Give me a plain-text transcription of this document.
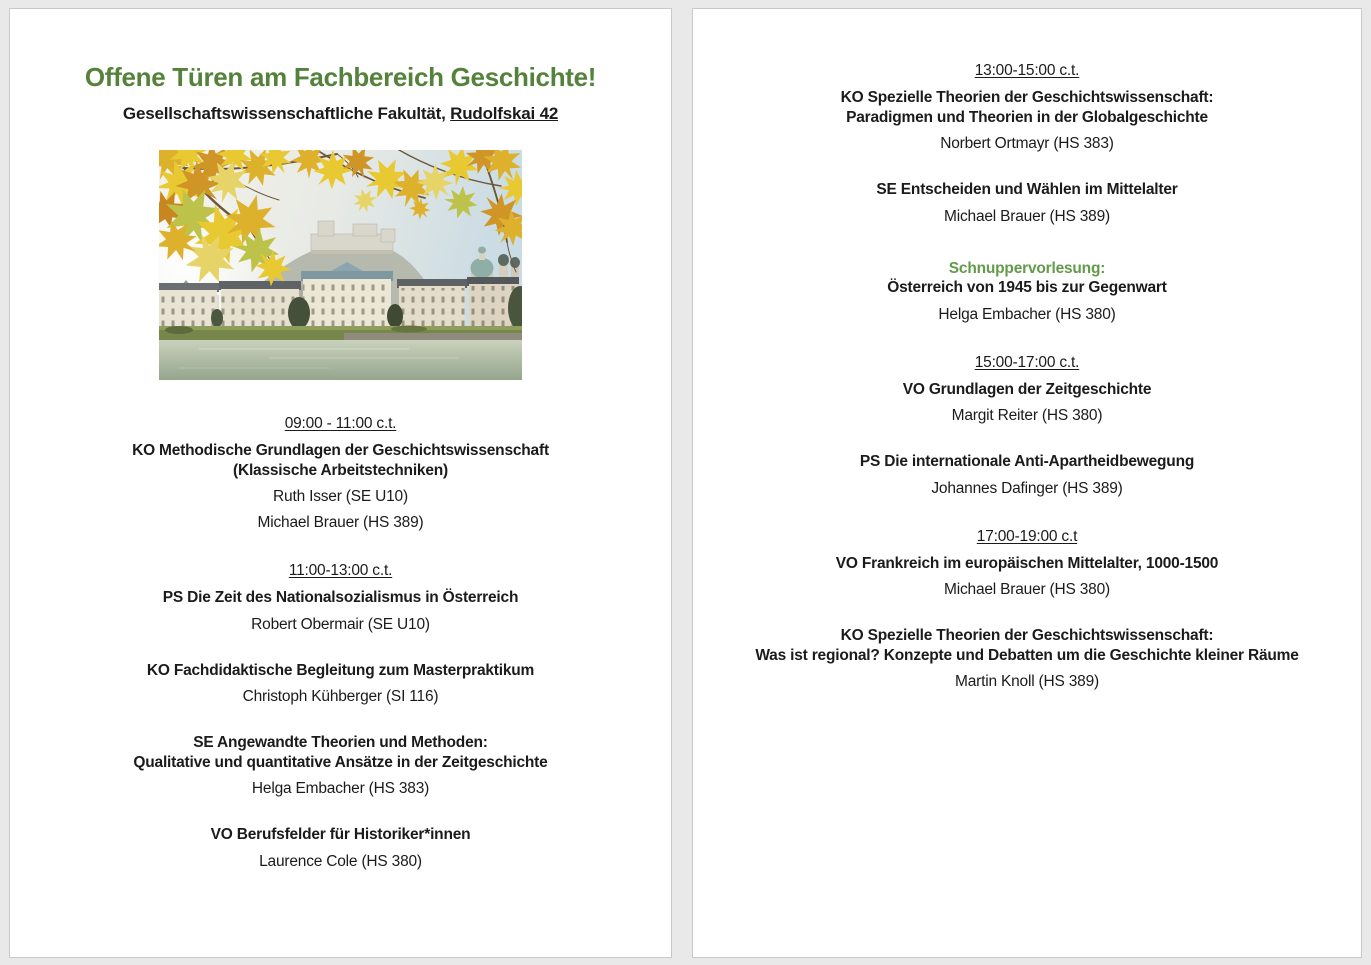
Offene Türen am Fachbereich Geschichte!
Gesellschaftswissenschaftliche Fakultät, Rudolfskai 42
09:00 - 11:00 c.t.
KO Methodische Grundlagen der Geschichtswissenschaft
(Klassische Arbeitstechniken)
Ruth Isser (SE U10)
Michael Brauer (HS 389)
11:00-13:00 c.t.
PS Die Zeit des Nationalsozialismus in Österreich
Robert Obermair (SE U10)
KO Fachdidaktische Begleitung zum Masterpraktikum
Christoph Kühberger (SI 116)
SE Angewandte Theorien und Methoden:
Qualitative und quantitative Ansätze in der Zeitgeschichte
Helga Embacher (HS 383)
VO Berufsfelder für Historiker*innen
Laurence Cole (HS 380)
13:00-15:00 c.t.
KO Spezielle Theorien der Geschichtswissenschaft:
Paradigmen und Theorien in der Globalgeschichte
Norbert Ortmayr (HS 383)
SE Entscheiden und Wählen im Mittelalter
Michael Brauer (HS 389)
Schnuppervorlesung:
Österreich von 1945 bis zur Gegenwart
Helga Embacher (HS 380)
15:00-17:00 c.t.
VO Grundlagen der Zeitgeschichte
Margit Reiter (HS 380)
PS Die internationale Anti-Apartheidbewegung
Johannes Dafinger (HS 389)
17:00-19:00 c.t
VO Frankreich im europäischen Mittelalter, 1000-1500
Michael Brauer (HS 380)
KO Spezielle Theorien der Geschichtswissenschaft:
Was ist regional? Konzepte und Debatten um die Geschichte kleiner Räume
Martin Knoll (HS 389)
